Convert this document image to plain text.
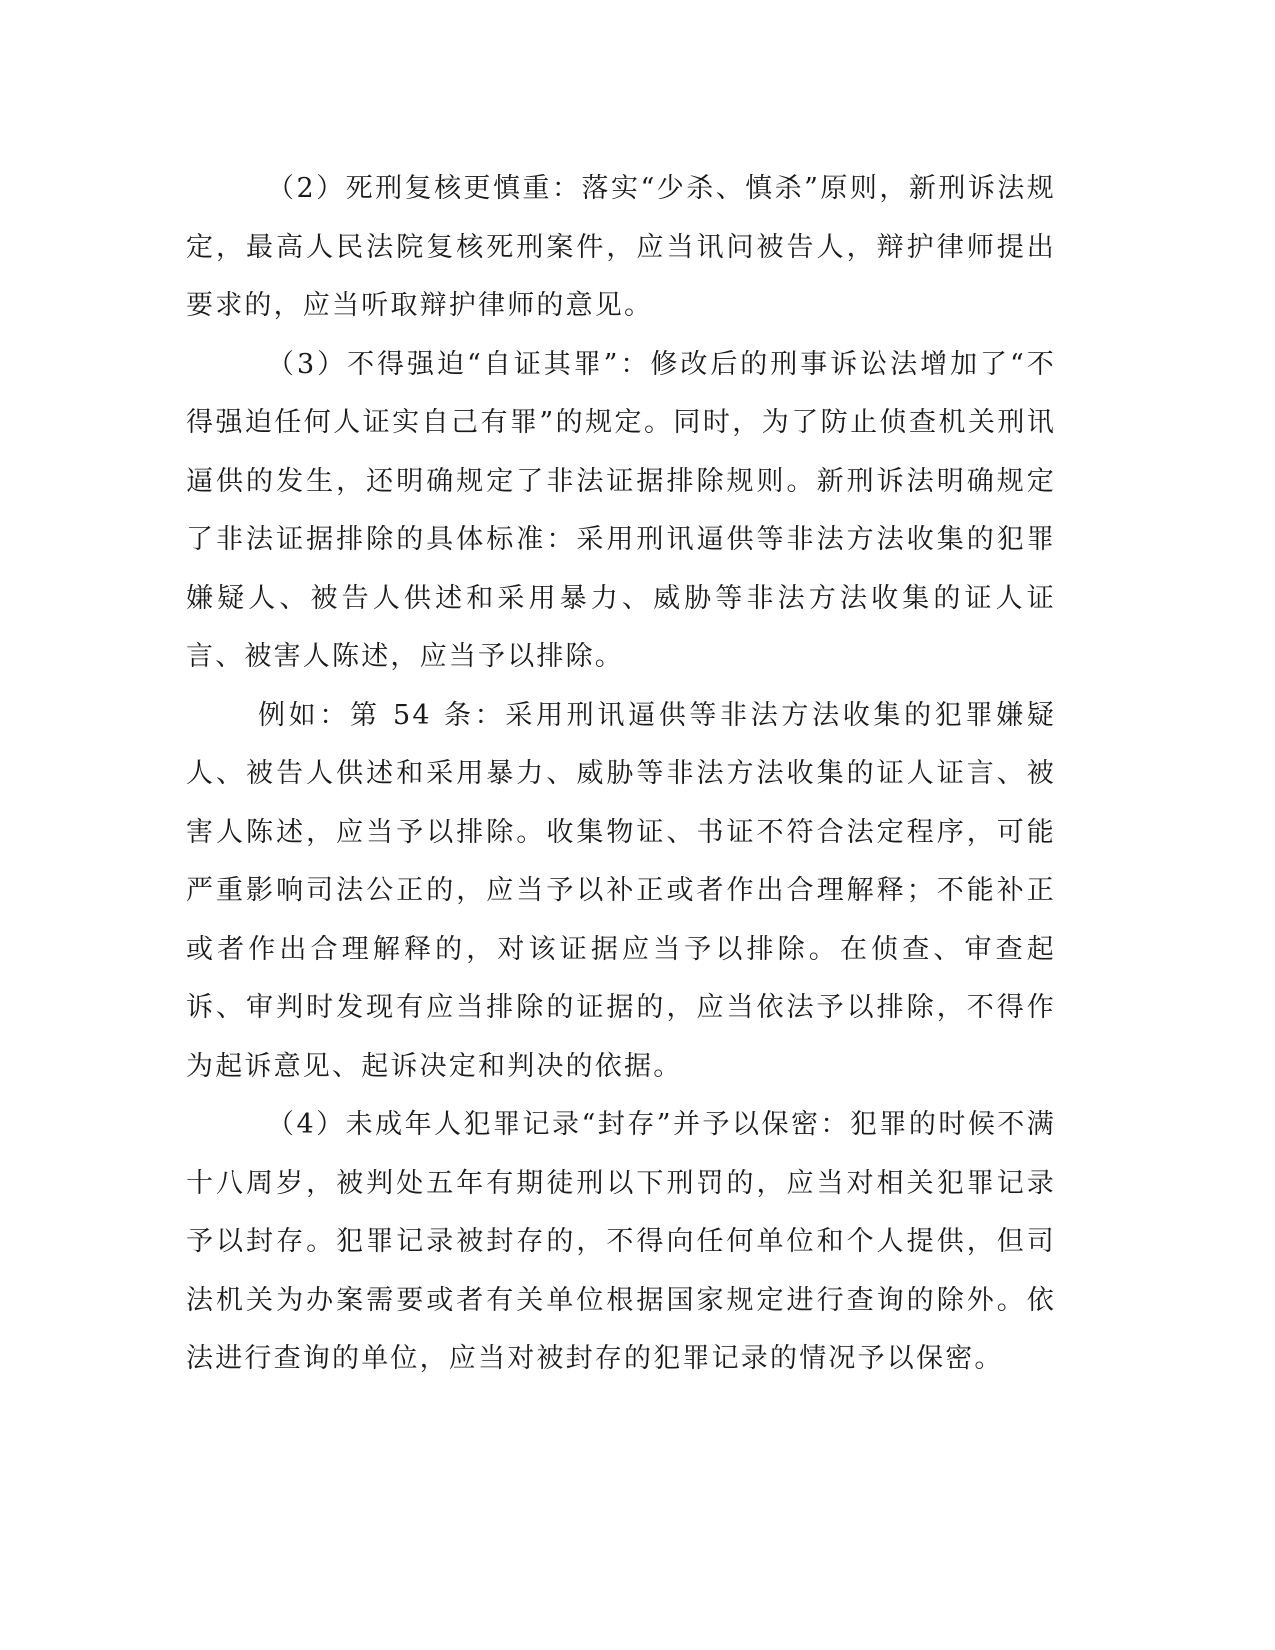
（2）死刑复核更慎重：落实“少杀、慎杀”原则，新刑诉法规定，最高人民法院复核死刑案件，应当讯问被告人，辩护律师提出要求的，应当听取辩护律师的意见。

（3）不得强迫“自证其罪”：修改后的刑事诉讼法增加了“不得强迫任何人证实自己有罪”的规定。同时，为了防止侦查机关刑讯逼供的发生，还明确规定了非法证据排除规则。新刑诉法明确规定了非法证据排除的具体标准：采用刑讯逼供等非法方法收集的犯罪嫌疑人、被告人供述和采用暴力、威胁等非法方法收集的证人证言、被害人陈述，应当予以排除。

例如：第 54 条：采用刑讯逼供等非法方法收集的犯罪嫌疑人、被告人供述和采用暴力、威胁等非法方法收集的证人证言、被害人陈述，应当予以排除。收集物证、书证不符合法定程序，可能严重影响司法公正的，应当予以补正或者作出合理解释；不能补正或者作出合理解释的，对该证据应当予以排除。在侦查、审查起诉、审判时发现有应当排除的证据的，应当依法予以排除，不得作为起诉意见、起诉决定和判决的依据。

（4）未成年人犯罪记录“封存”并予以保密：犯罪的时候不满十八周岁，被判处五年有期徒刑以下刑罚的，应当对相关犯罪记录予以封存。犯罪记录被封存的，不得向任何单位和个人提供，但司法机关为办案需要或者有关单位根据国家规定进行查询的除外。依法进行查询的单位，应当对被封存的犯罪记录的情况予以保密。
